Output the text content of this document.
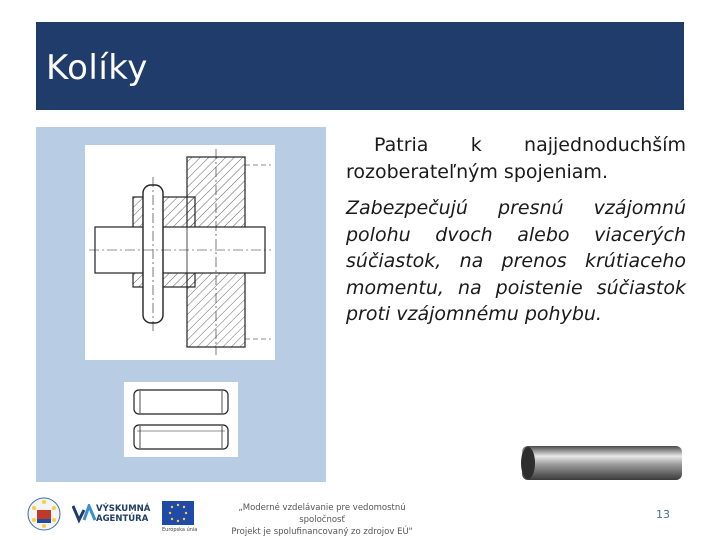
Kolíky

Patria k najjednoduchším rozoberateľným spojeniam.

Zabezpečujú presnú vzájomnú polohu dvoch alebo viacerých súčiastok, na prenos krútiaceho momentu, na poistenie súčiastok proti vzájomnému pohybu.

VÝSKUMNÁ
AGENTÚRA
Európska únia
„Moderné vzdelávanie pre vedomostnú spoločnosť
Projekt je spolufinancovaný zo zdrojov EÚ"
13
